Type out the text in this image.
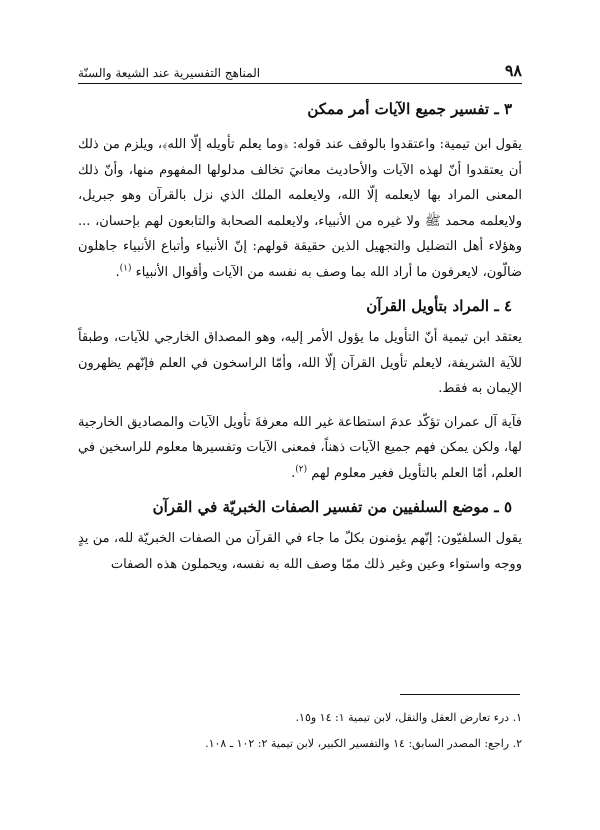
٩٨
المناهج التفسيرية عند الشيعة والسنّة
٣ ـ تفسير جميع الآيات أمر ممكن

يقول ابن تيمية: واعتقدوا بالوقف عند قوله: ﴿وما يعلم تأويله إلّا الله﴾، ويلزم من ذلك أن يعتقدوا أنّ لهذه الآيات والأحاديث معانيَ تخالف مدلولها المفهوم منها، وأنّ ذلك المعنى المراد بها لايعلمه إلّا الله، ولايعلمه الملك الذي نزل بالقرآن وهو جبريل، ولايعلمه محمد ﷺ ولا غيره من الأنبياء، ولايعلمه الصحابة والتابعون لهم بإحسان، ... وهؤلاء أهل التضليل والتجهيل الذين حقيقة قولهم: إنّ الأنبياء وأتباع الأنبياء جاهلون ضالّون، لايعرفون ما أراد الله بما وصف به نفسه من الآيات وأقوال الأنبياء $^{(١)}$.

٤ ـ المراد بتأويل القرآن

يعتقد ابن تيمية أنّ التأويل ما يؤول الأمر إليه، وهو المصداق الخارجي للآيات، وطبقاً للآية الشريفة، لايعلم تأويل القرآن إلّا الله، وأمّا الراسخون في العلم فإنّهم يظهرون الإيمان به فقط.

فآية آل عمران تؤكّد عدمَ استطاعة غير الله معرفةَ تأويل الآيات والمصاديق الخارجية لها، ولكن يمكن فهم جميع الآيات ذهناً، فمعنى الآيات وتفسيرها معلوم للراسخين في العلم، أمّا العلم بالتأويل فغير معلوم لهم $^{(٢)}$.

٥ ـ موضع السلفيين من تفسير الصفات الخبريّة في القرآن

يقول السلفيّون: إنّهم يؤمنون بكلّ ما جاء في القرآن من الصفات الخبريّة لله، من يدٍ ووجه واستواء وعين وغير ذلك ممّا وصف الله به نفسه، ويحملون هذه الصفات

١. درء تعارض العقل والنقل، لابن تيمية ١: ١٤ و١٥.
٢. راجع: المصدر السابق: ١٤ والتفسير الكبير، لابن تيمية ٢: ١٠٢ ـ ١٠٨.
